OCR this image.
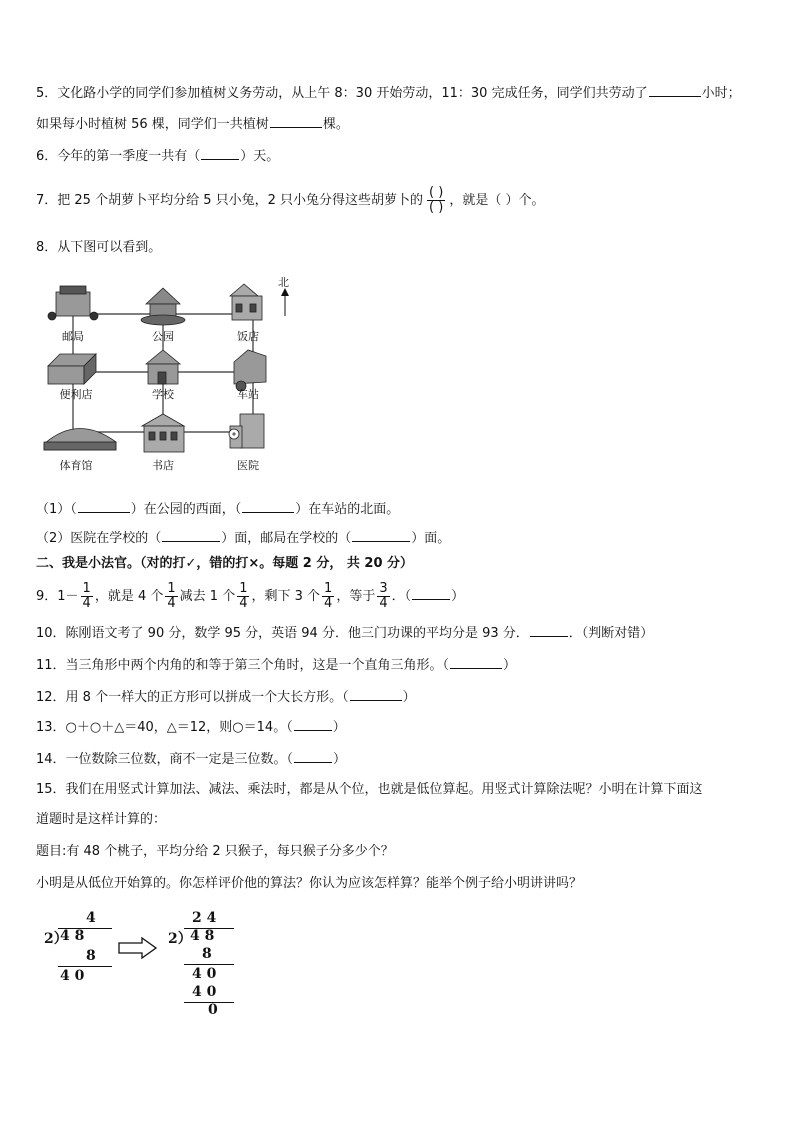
5．文化路小学的同学们参加植树义务劳动，从上午 8：30 开始劳动，11：30 完成任务，同学们共劳动了	小时；
如果每小时植树 56 棵，同学们一共植树	棵。
6．今年的第一季度一共有（	）天。
7．把 25 个胡萝卜平均分给 5 只小兔，2 只小兔分得这些胡萝卜的 $\frac{( )}{( )}$ ，就是（ ）个。
8．从下图可以看到。
北
邮局	公园	饭店
便利店	学校	车站
体育馆	书店	医院
（1）（	）在公园的西面，（	）在车站的北面。
（2）医院在学校的（	）面，邮局在学校的（	）面。
二、我是小法官。（对的打✓，错的打×。每题 2 分， 共 20 分）
9．$1- \frac{1}{4}$ ，就是 4 个 $\frac{1}{4}$ 减去 1 个 $\frac{1}{4}$ ，剩下 3 个 $\frac{1}{4}$ ，等于 $\frac{3}{4}$ ．（	）
10．陈刚语文考了 90 分，数学 95 分，英语 94 分．他三门功课的平均分是 93 分．	．（判断对错）
11．当三角形中两个内角的和等于第三个角时，这是一个直角三角形。（	）
12．用 8 个一样大的正方形可以拼成一个大长方形。（	）
13．○＋○＋△＝40，△＝12，则○＝14。（	）
14．一位数除三位数，商不一定是三位数。（	）
15．我们在用竖式计算加法、减法、乘法时，都是从个位，也就是低位算起。用竖式计算除法呢？小明在计算下面这
道题时是这样计算的：
题目:有 48 个桃子，平均分给 2 只猴子，每只猴子分多少个？
小明是从低位开始算的。你怎样评价他的算法？你认为应该怎样算？能举个例子给小明讲讲吗？
4
2）
4 8
8
4 0
2 4
2）
4 8
8
4 0
4 0
0
